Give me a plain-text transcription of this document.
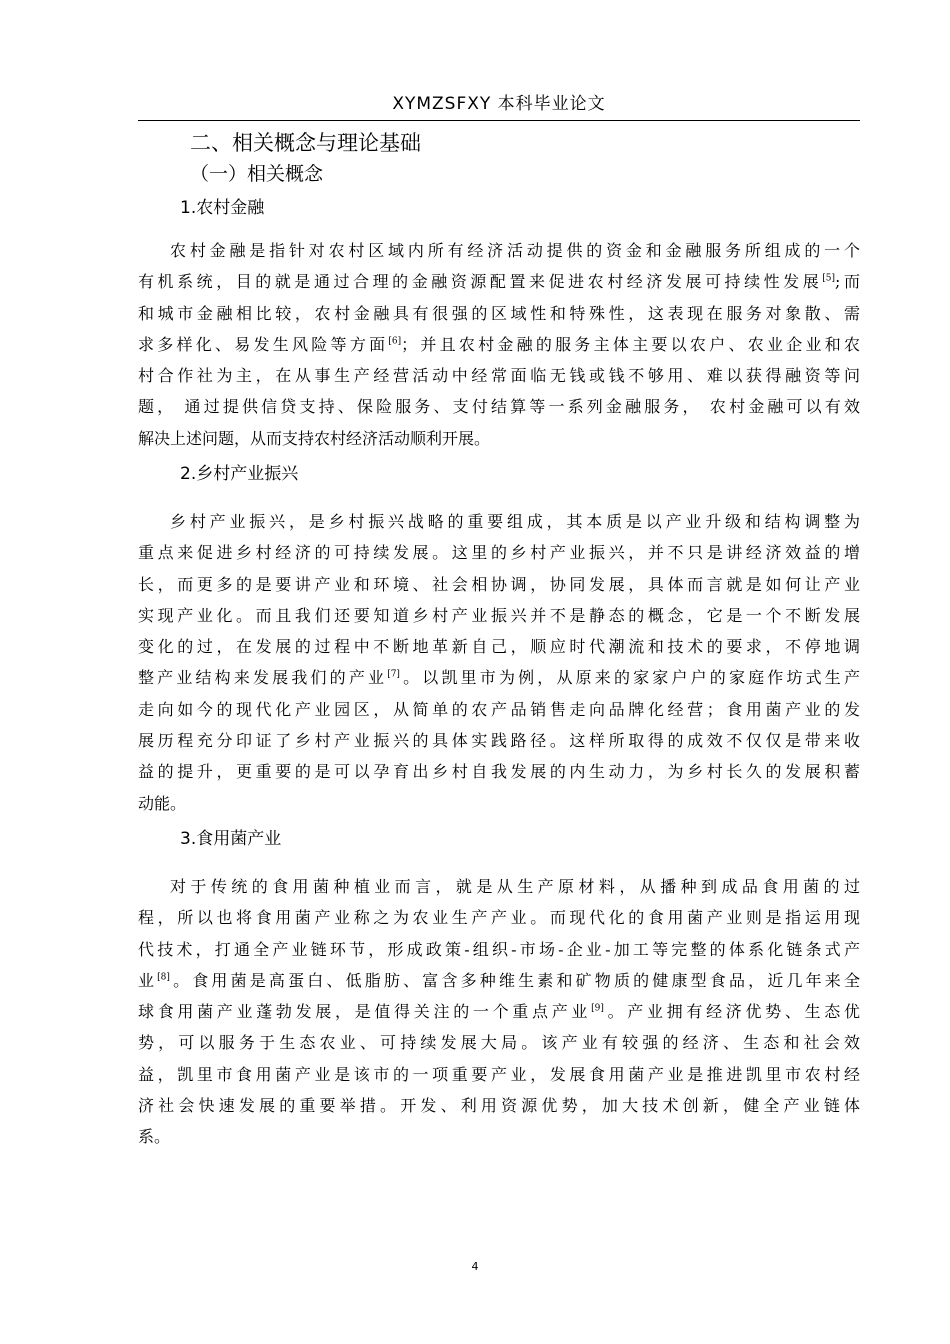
XYMZSFXY 本科毕业论文
二、相关概念与理论基础
（一）相关概念
1.农村金融
农村金融是指针对农村区域内所有经济活动提供的资金和金融服务所组成的一个
有机系统，目的就是通过合理的金融资源配置来促进农村经济发展可持续性发展[5];而
和城市金融相比较，农村金融具有很强的区域性和特殊性，这表现在服务对象散、需
求多样化、易发生风险等方面[6]；并且农村金融的服务主体主要以农户、农业企业和农
村合作社为主，在从事生产经营活动中经常面临无钱或钱不够用、难以获得融资等问
题， 通过提供信贷支持、保险服务、支付结算等一系列金融服务， 农村金融可以有效
解决上述问题，从而支持农村经济活动顺利开展。
2.乡村产业振兴
乡村产业振兴，是乡村振兴战略的重要组成，其本质是以产业升级和结构调整为
重点来促进乡村经济的可持续发展。这里的乡村产业振兴，并不只是讲经济效益的增
长，而更多的是要讲产业和环境、社会相协调，协同发展，具体而言就是如何让产业
实现产业化。而且我们还要知道乡村产业振兴并不是静态的概念，它是一个不断发展
变化的过，在发展的过程中不断地革新自己，顺应时代潮流和技术的要求，不停地调
整产业结构来发展我们的产业[7]。以凯里市为例，从原来的家家户户的家庭作坊式生产
走向如今的现代化产业园区，从简单的农产品销售走向品牌化经营；食用菌产业的发
展历程充分印证了乡村产业振兴的具体实践路径。这样所取得的成效不仅仅是带来收
益的提升，更重要的是可以孕育出乡村自我发展的内生动力，为乡村长久的发展积蓄
动能。
3.食用菌产业
对于传统的食用菌种植业而言，就是从生产原材料，从播种到成品食用菌的过
程，所以也将食用菌产业称之为农业生产产业。而现代化的食用菌产业则是指运用现
代技术，打通全产业链环节，形成政策-组织-市场-企业-加工等完整的体系化链条式产
业[8]。食用菌是高蛋白、低脂肪、富含多种维生素和矿物质的健康型食品，近几年来全
球食用菌产业蓬勃发展，是值得关注的一个重点产业[9]。产业拥有经济优势、生态优
势，可以服务于生态农业、可持续发展大局。该产业有较强的经济、生态和社会效
益，凯里市食用菌产业是该市的一项重要产业，发展食用菌产业是推进凯里市农村经
济社会快速发展的重要举措。开发、利用资源优势，加大技术创新，健全产业链体
系。
4
